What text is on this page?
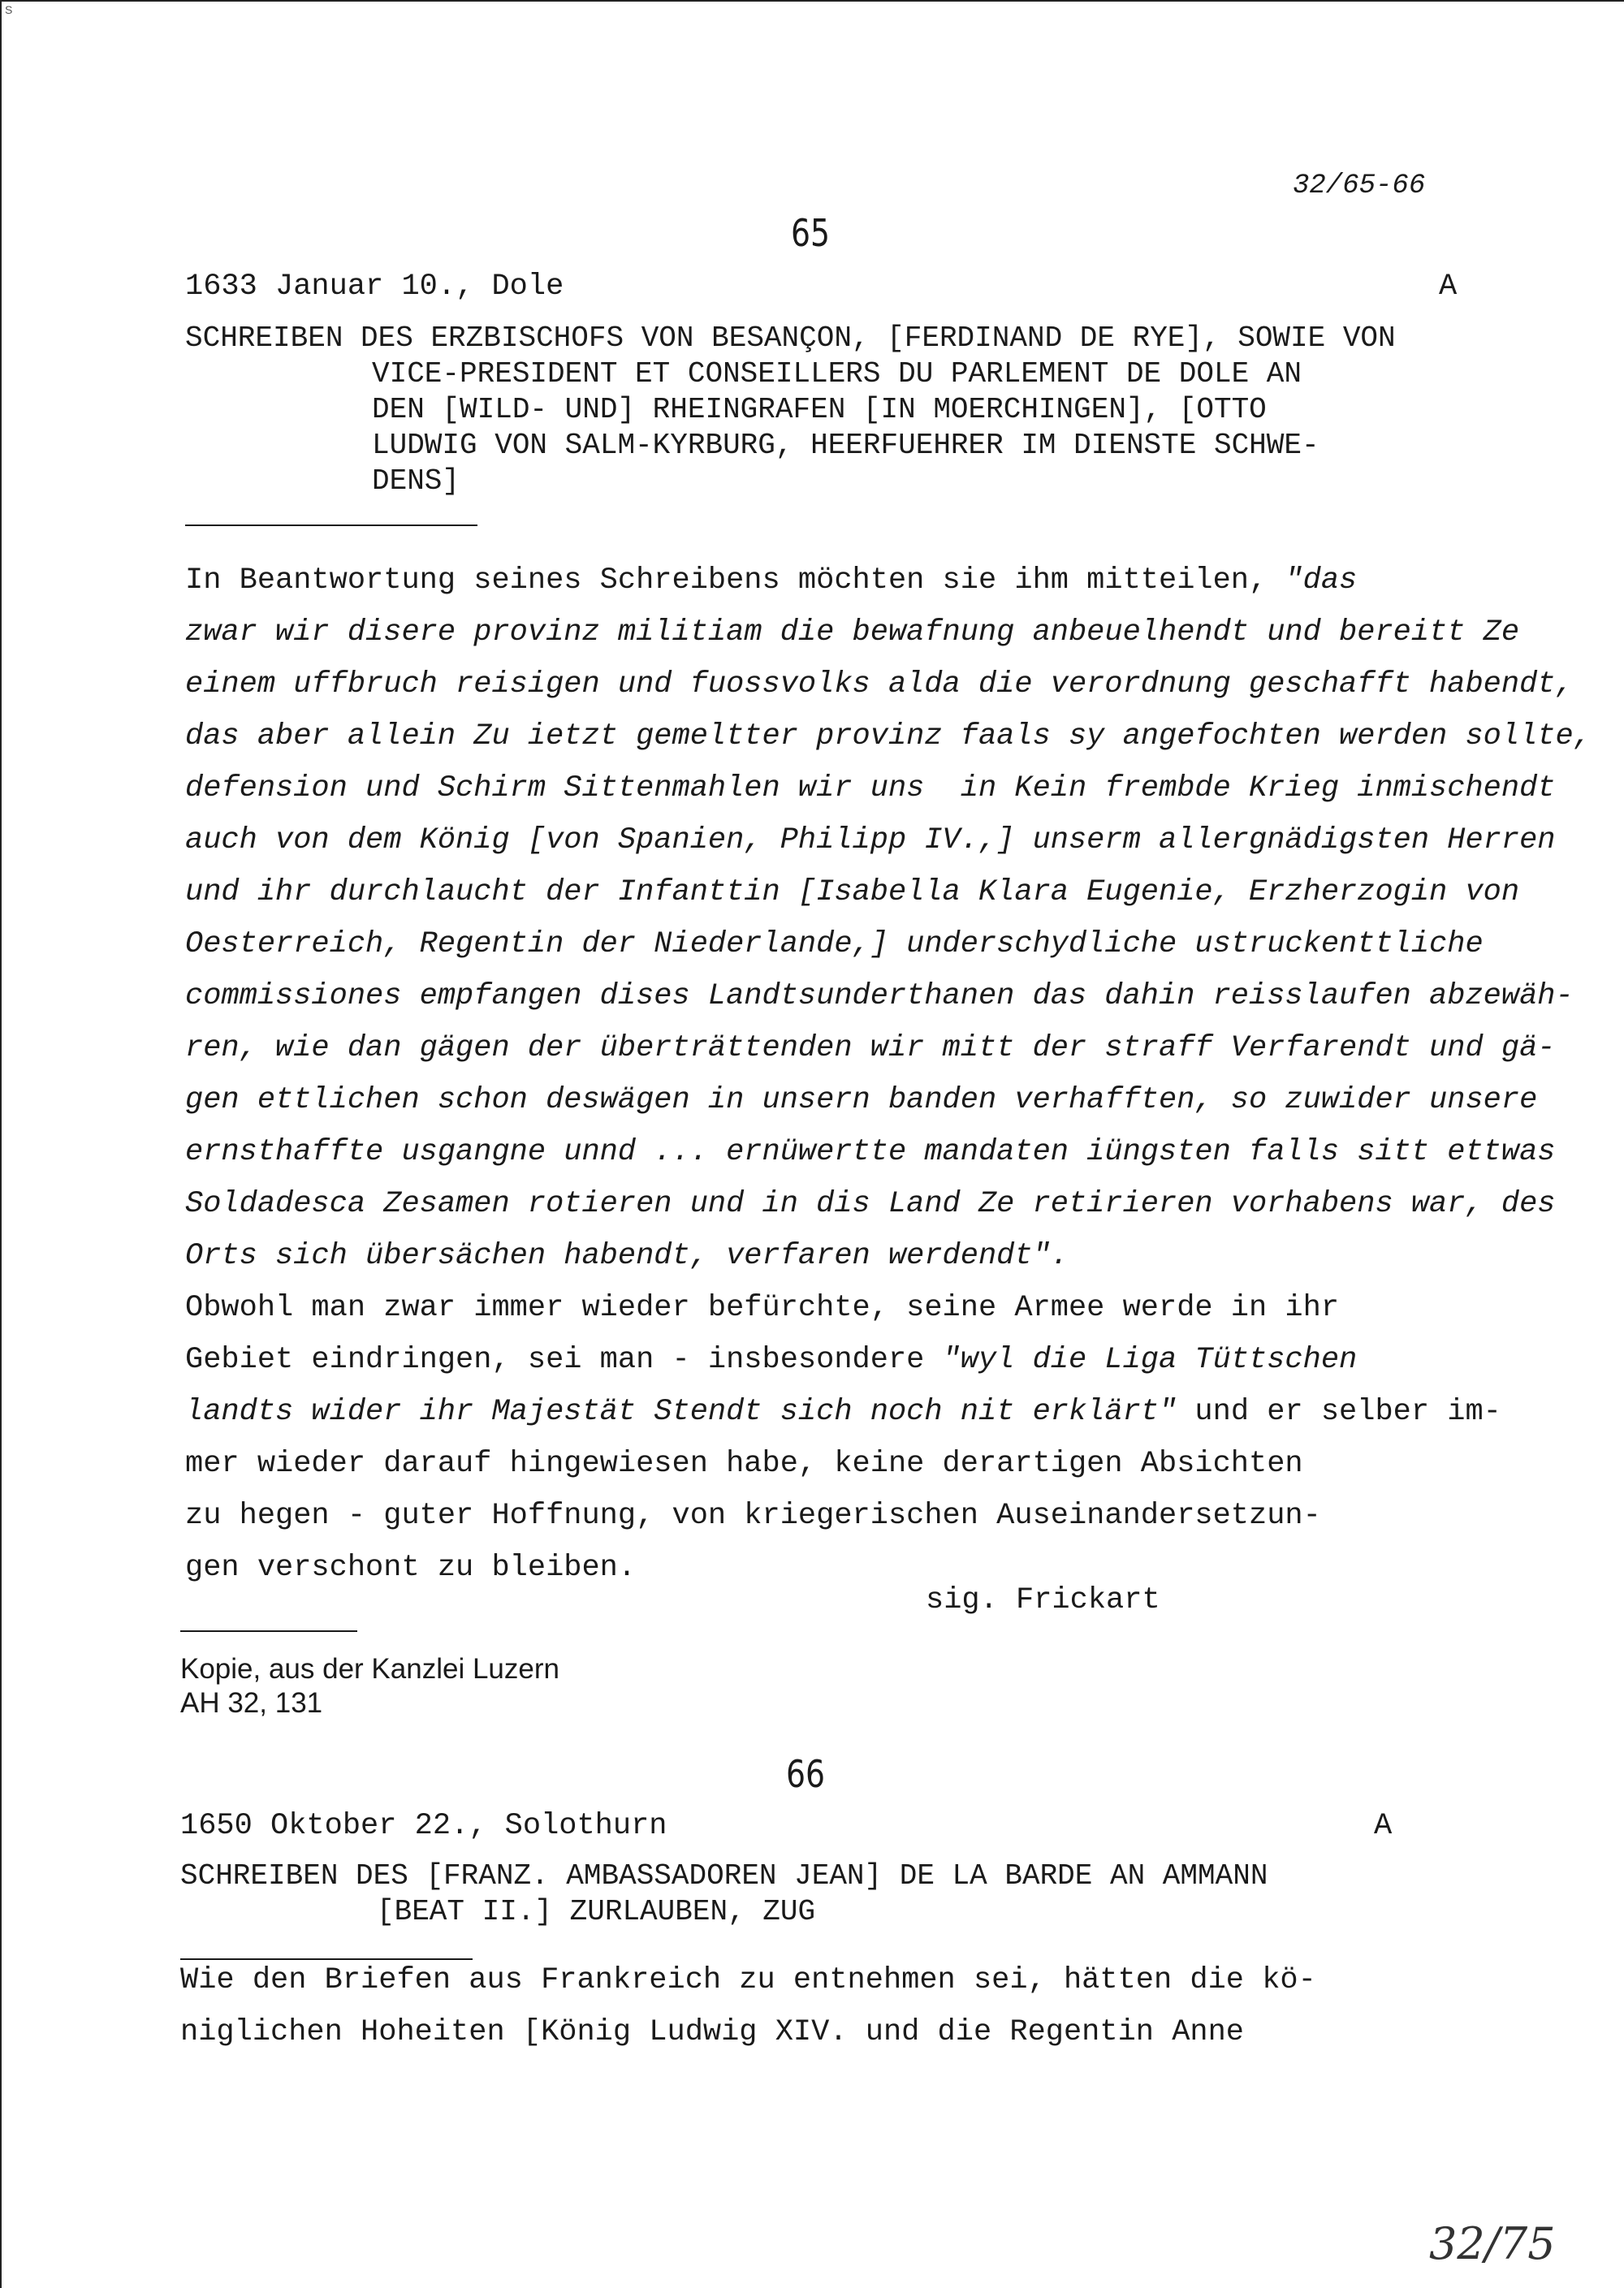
S
32/65-66
65
1633 Januar 10., Dole	A
SCHREIBEN DES ERZBISCHOFS VON BESANÇON, [FERDINAND DE RYE], SOWIE VON
VICE-PRESIDENT ET CONSEILLERS DU PARLEMENT DE DOLE AN
DEN [WILD- UND] RHEINGRAFEN [IN MOERCHINGEN], [OTTO
LUDWIG VON SALM-KYRBURG, HEERFUEHRER IM DIENSTE SCHWE-
DENS]
In Beantwortung seines Schreibens möchten sie ihm mitteilen, "das
zwar wir disere provinz militiam die bewafnung anbeuelhendt und bereitt Ze
einem uffbruch reisigen und fuossvolks alda die verordnung geschafft habendt,
das aber allein Zu ietzt gemeltter provinz faals sy angefochten werden sollte,
defension und Schirm Sittenmahlen wir uns  in Kein frembde Krieg inmischendt
auch von dem König [von Spanien, Philipp IV.,] unserm allergnädigsten Herren
und ihr durchlaucht der Infanttin [Isabella Klara Eugenie, Erzherzogin von
Oesterreich, Regentin der Niederlande,] underschydliche ustruckenttliche
commissiones empfangen dises Landtsunderthanen das dahin reisslaufen abzewäh-
ren, wie dan gägen der überträttenden wir mitt der straff Verfarendt und gä-
gen ettlichen schon deswägen in unsern banden verhafften, so zuwider unsere
ernsthaffte usgangne unnd ... ernüwertte mandaten iüngsten falls sitt ettwas
Soldadesca Zesamen rotieren und in dis Land Ze retirieren vorhabens war, des
Orts sich übersächen habendt, verfaren werdendt".
Obwohl man zwar immer wieder befürchte, seine Armee werde in ihr
Gebiet eindringen, sei man - insbesondere "wyl die Liga Tüttschen
landts wider ihr Majestät Stendt sich noch nit erklärt" und er selber im-
mer wieder darauf hingewiesen habe, keine derartigen Absichten
zu hegen - guter Hoffnung, von kriegerischen Auseinandersetzun-
gen verschont zu bleiben.
sig. Frickart
Kopie, aus der Kanzlei Luzern
AH 32, 131
66
1650 Oktober 22., Solothurn	A
SCHREIBEN DES [FRANZ. AMBASSADOREN JEAN] DE LA BARDE AN AMMANN
[BEAT II.] ZURLAUBEN, ZUG
Wie den Briefen aus Frankreich zu entnehmen sei, hätten die kö-
niglichen Hoheiten [König Ludwig XIV. und die Regentin Anne
32/75
